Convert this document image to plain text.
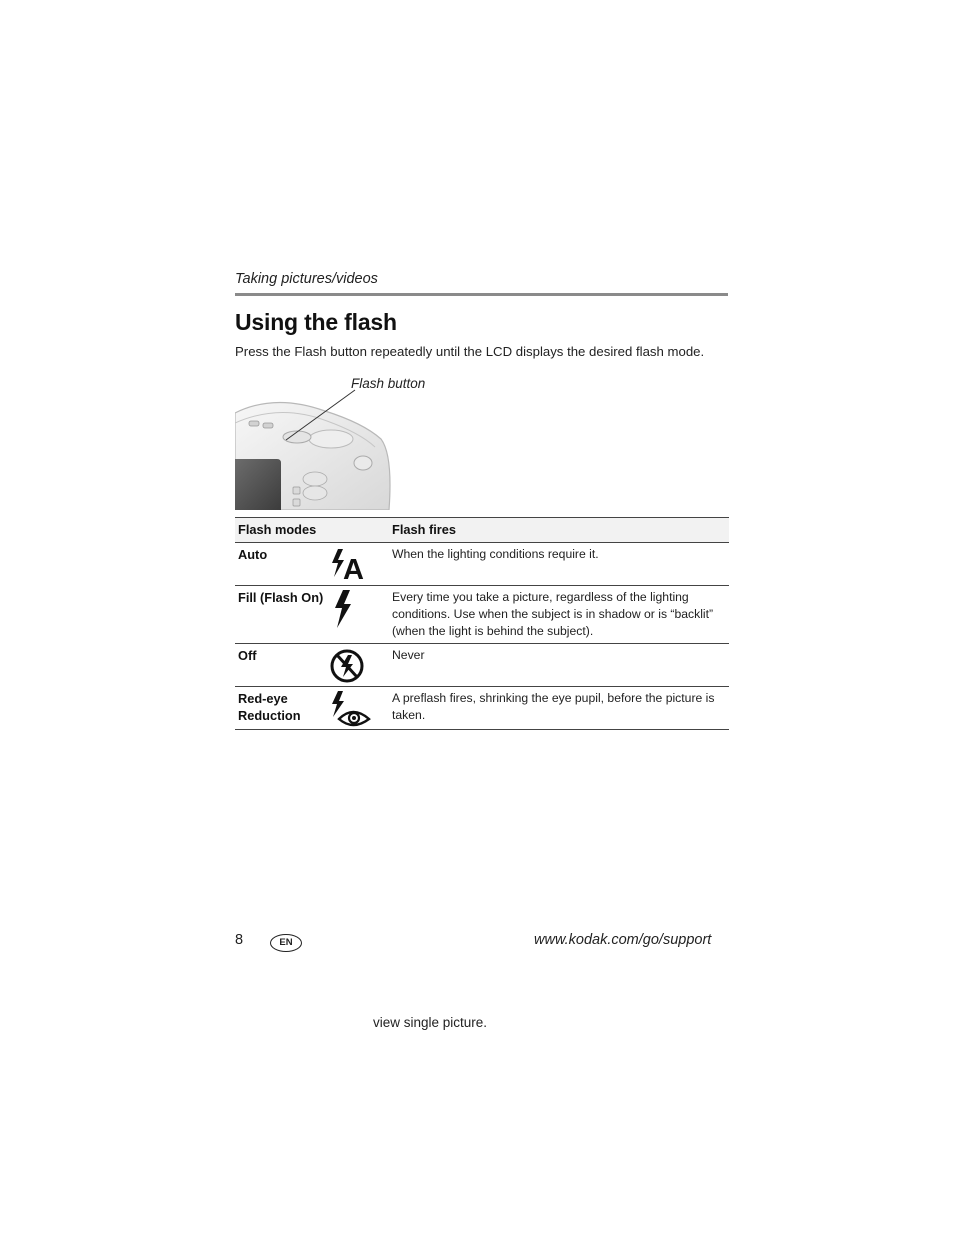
Taking pictures/videos
Using the flash
Press the Flash button repeatedly until the LCD displays the desired flash mode.
Flash button
Flash modes		Flash fires
Auto	A	When the lighting conditions require it.
Fill (Flash On)		Every time you take a picture, regardless of the lighting conditions. Use when the subject is in shadow or is “backlit” (when the light is behind the subject).
Off		Never
Red-eye Reduction		A preflash fires, shrinking the eye pupil, before the picture is taken.
8	EN	www.kodak.com/go/support
view single picture.
